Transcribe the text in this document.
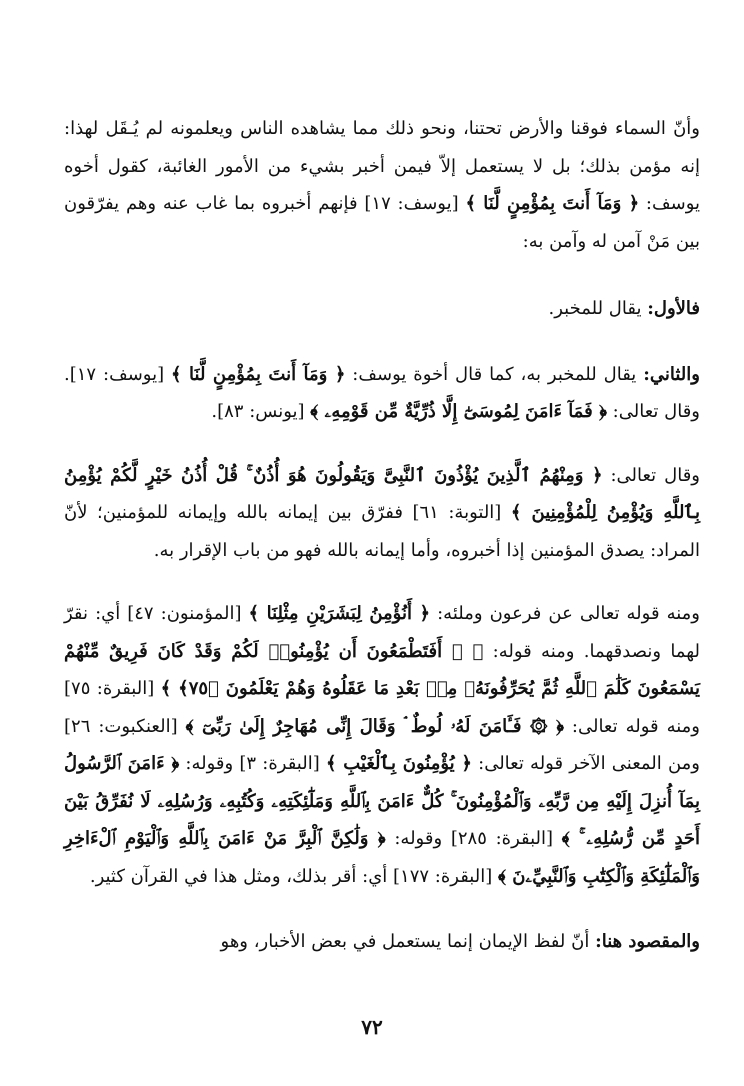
وأنّ السماء فوقنا والأرض تحتنا، ونحو ذلك مما يشاهده الناس ويعلمونه لم يُـقَل لهذا: إنه مؤمن بذلك؛ بل لا يستعمل إلاّ فيمن أخبر بشيء من الأمور الغائبة، كقول أخوه يوسف: ﴿ وَمَآ أَنتَ بِمُؤْمِنٍ لَّنَا ﴾ [يوسف: ١٧] فإنهم أخبروه بما غاب عنه وهم يفرّقون بين مَنْ آمن له وآمن به:

فالأول: يقال للمخبر.

والثاني: يقال للمخبر به، كما قال أخوة يوسف: ﴿ وَمَآ أَنتَ بِمُؤْمِنٍ لَّنَا ﴾ [يوسف: ١٧]. وقال تعالى: ﴿ فَمَآ ءَامَنَ لِمُوسَىٰٓ إِلَّا ذُرِّيَّةٌ مِّن قَوْمِهِۦ ﴾ [يونس: ٨٣].

وقال تعالى: ﴿ وَمِنْهُمُ ٱلَّذِينَ يُؤْذُونَ ٱلنَّبِىَّ وَيَقُولُونَ هُوَ أُذُنٌ ۚ قُلْ أُذُنُ خَيْرٍ لَّكُمْ يُؤْمِنُ بِٱللَّهِ وَيُؤْمِنُ لِلْمُؤْمِنِينَ ﴾ [التوبة: ٦١] ففرّق بين إيمانه بالله وإيمانه للمؤمنين؛ لأنّ المراد: يصدق المؤمنين إذا أخبروه، وأما إيمانه بالله فهو من باب الإقرار به.

ومنه قوله تعالى عن فرعون وملئه: ﴿ أَنُؤْمِنُ لِبَشَرَيْنِ مِثْلِنَا ﴾ [المؤمنون: ٤٧] أي: نقرّ لهما ونصدقهما. ومنه قوله: ﴿ ۞ أَفَتَطْمَعُونَ أَن يُؤْمِنُوا۟ لَكُمْ وَقَدْ كَانَ فَرِيقٌ مِّنْهُمْ يَسْمَعُونَ كَلَٰمَ ٱللَّهِ ثُمَّ يُحَرِّفُونَهُۥ مِنۢ بَعْدِ مَا عَقَلُوهُ وَهُمْ يَعْلَمُونَ ﴿٧٥﴾ ﴾ [البقرة: ٧٥] ومنه قوله تعالى: ﴿ ۞ فَـَٔامَنَ لَهُۥ لُوطٌ ۘ وَقَالَ إِنِّى مُهَاجِرٌ إِلَىٰ رَبِّىٓ ﴾ [العنكبوت: ٢٦] ومن المعنى الآخر قوله تعالى: ﴿ يُؤْمِنُونَ بِٱلْغَيْبِ ﴾ [البقرة: ٣] وقوله: ﴿ ءَامَنَ ٱلرَّسُولُ بِمَآ أُنزِلَ إِلَيْهِ مِن رَّبِّهِۦ وَٱلْمُؤْمِنُونَ ۚ كُلٌّ ءَامَنَ بِٱللَّهِ وَمَلَٰٓئِكَتِهِۦ وَكُتُبِهِۦ وَرُسُلِهِۦ لَا نُفَرِّقُ بَيْنَ أَحَدٍ مِّن رُّسُلِهِۦ ۚ ﴾ [البقرة: ٢٨٥] وقوله: ﴿ وَلَٰكِنَّ ٱلْبِرَّ مَنْ ءَامَنَ بِٱللَّهِ وَٱلْيَوْمِ ٱلْءَاخِرِ وَٱلْمَلَٰٓئِكَةِ وَٱلْكِتَٰبِ وَٱلنَّبِيِّۦنَ ﴾ [البقرة: ١٧٧] أي: أقر بذلك، ومثل هذا في القرآن كثير.

والمقصود هنا: أنّ لفظ الإيمان إنما يستعمل في بعض الأخبار، وهو

٧٢
